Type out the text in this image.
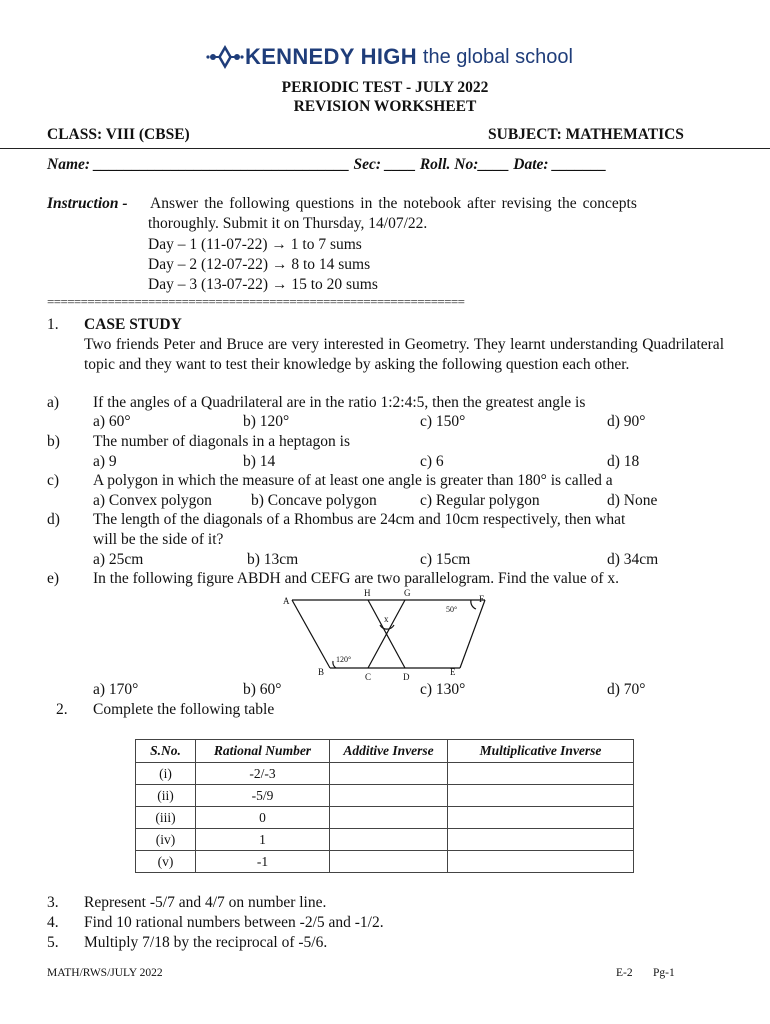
KENNEDY HIGH the global school
PERIODIC TEST - JULY 2022
REVISION WORKSHEET
CLASS: VIII (CBSE)	SUBJECT: MATHEMATICS
Name: _________________________________ Sec: ____ Roll. No:____ Date: _______
Instruction - Answer the following questions in the notebook after revising the concepts
thoroughly. Submit it on Thursday, 14/07/22.
Day – 1 (11-07-22) → 1 to 7 sums
Day – 2 (12-07-22) → 8 to 14 sums
Day – 3 (13-07-22) → 15 to 20 sums
==============================================================
1. CASE STUDY
Two friends Peter and Bruce are very interested in Geometry. They learnt understanding Quadrilateral topic and they want to test their knowledge by asking the following question each other.
a) If the angles of a Quadrilateral are in the ratio 1:2:4:5, then the greatest angle is
a) 60°	b) 120°	c) 150°	d) 90°
b) The number of diagonals in a heptagon is
a) 9	b) 14	c) 6	d) 18
c) A polygon in which the measure of at least one angle is greater than 180° is called a
a) Convex polygon	b) Concave polygon	c) Regular polygon	d) None
d) The length of the diagonals of a Rhombus are 24cm and 10cm respectively, then what
will be the side of it?
a) 25cm	b) 13cm	c) 15cm	d) 34cm
e) In the following figure ABDH and CEFG are two parallelogram. Find the value of x.
A
H	G
F
B	C	D	E
x
50°
120°
a) 170°	b) 60°	c) 130°	d) 70°
2. Complete the following table
S.No.	Rational Number	Additive Inverse	Multiplicative Inverse
(i)	-2/-3		
(ii)	-5/9		
(iii)	0		
(iv)	1		
(v)	-1		
3. Represent -5/7 and 4/7 on number line.
4. Find 10 rational numbers between -2/5 and -1/2.
5. Multiply 7/18 by the reciprocal of -5/6.
MATH/RWS/JULY 2022	E-2 Pg-1
